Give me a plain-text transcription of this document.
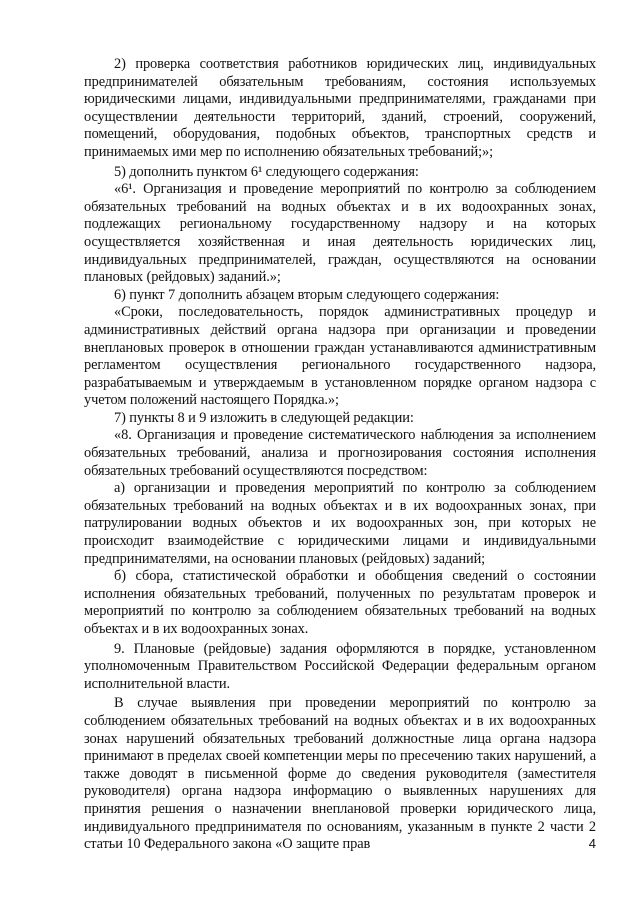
2) проверка соответствия работников юридических лиц, индивидуальных предпринимателей обязательным требованиям, состояния используемых юридическими лицами, индивидуальными предпринимателями, гражданами при осуществлении деятельности территорий, зданий, строений, сооружений, помещений, оборудования, подобных объектов, транспортных средств и принимаемых ими мер по исполнению обязательных требований;»;

5) дополнить пунктом 6¹ следующего содержания:

«6¹. Организация и проведение мероприятий по контролю за соблюдением обязательных требований на водных объектах и в их водоохранных зонах, подлежащих региональному государственному надзору и на которых осуществляется хозяйственная и иная деятельность юридических лиц, индивидуальных предпринимателей, граждан, осуществляются на основании плановых (рейдовых) заданий.»;

6) пункт 7 дополнить абзацем вторым следующего содержания:

«Сроки, последовательность, порядок административных процедур и административных действий органа надзора при организации и проведении внеплановых проверок в отношении граждан устанавливаются административным регламентом осуществления регионального государственного надзора, разрабатываемым и утверждаемым в установленном порядке органом надзора с учетом положений настоящего Порядка.»;

7) пункты 8 и 9 изложить в следующей редакции:

«8. Организация и проведение систематического наблюдения за исполнением обязательных требований, анализа и прогнозирования состояния исполнения обязательных требований осуществляются посредством:

а) организации и проведения мероприятий по контролю за соблюдением обязательных требований на водных объектах и в их водоохранных зонах, при патрулировании водных объектов и их водоохранных зон, при которых не происходит взаимодействие с юридическими лицами и индивидуальными предпринимателями, на основании плановых (рейдовых) заданий;

б) сбора, статистической обработки и обобщения сведений о состоянии исполнения обязательных требований, полученных по результатам проверок и мероприятий по контролю за соблюдением обязательных требований на водных объектах и в их водоохранных зонах.

9. Плановые (рейдовые) задания оформляются в порядке, установленном уполномоченным Правительством Российской Федерации федеральным органом исполнительной власти.

В случае выявления при проведении мероприятий по контролю за соблюдением обязательных требований на водных объектах и в их водоохранных зонах нарушений обязательных требований должностные лица органа надзора принимают в пределах своей компетенции меры по пресечению таких нарушений, а также доводят в письменной форме до сведения руководителя (заместителя руководителя) органа надзора информацию о выявленных нарушениях для принятия решения о назначении внеплановой проверки юридического лица, индивидуального предпринимателя по основаниям, указанным в пункте 2 части 2 статьи 10 Федерального закона «О защите прав	4
